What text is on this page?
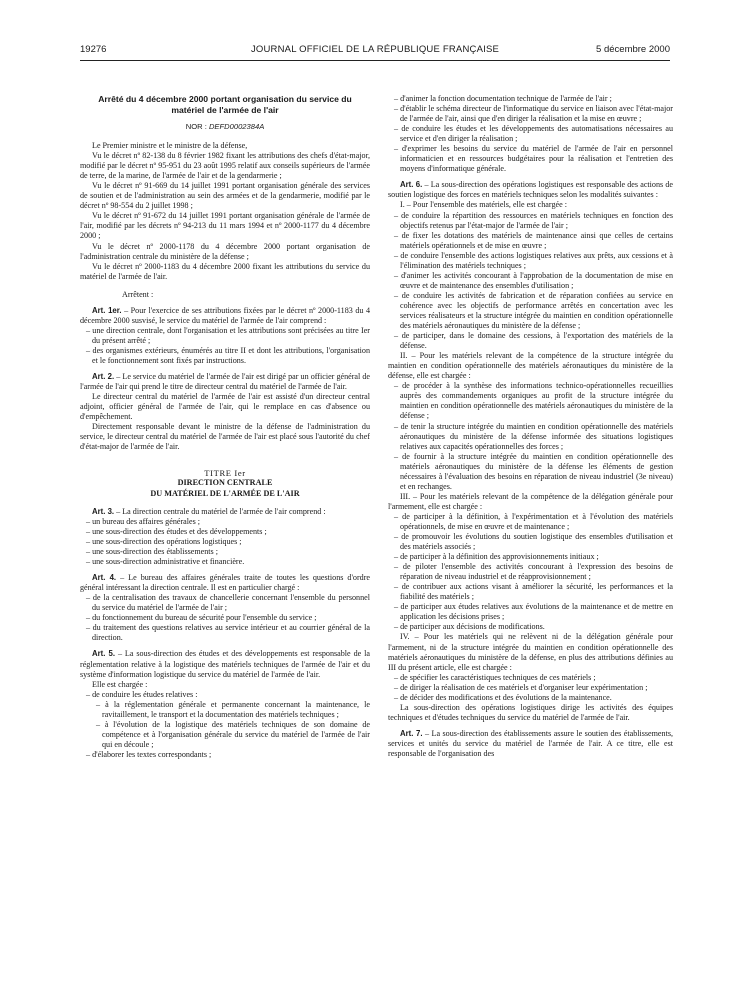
19276	JOURNAL OFFICIEL DE LA RÉPUBLIQUE FRANÇAISE	5 décembre 2000
Arrêté du 4 décembre 2000 portant organisation du service du matériel de l'armée de l'air
NOR : DEFD0002384A

Le Premier ministre et le ministre de la défense,

Vu le décret nº 82-138 du 8 février 1982 fixant les attributions des chefs d'état-major, modifié par le décret nº 95-951 du 23 août 1995 relatif aux conseils supérieurs de l'armée de terre, de la marine, de l'armée de l'air et de la gendarmerie ;

Vu le décret nº 91-669 du 14 juillet 1991 portant organisation générale des services de soutien et de l'administration au sein des armées et de la gendarmerie, modifié par le décret nº 98-554 du 2 juillet 1998 ;

Vu le décret nº 91-672 du 14 juillet 1991 portant organisation générale de l'armée de l'air, modifié par les décrets nº 94-213 du 11 mars 1994 et nº 2000-1177 du 4 décembre 2000 ;

Vu le décret nº 2000-1178 du 4 décembre 2000 portant organisation de l'administration centrale du ministère de la défense ;

Vu le décret nº 2000-1183 du 4 décembre 2000 fixant les attributions du service du matériel de l'armée de l'air.

Arrêtent :

Art. 1er. – Pour l'exercice de ses attributions fixées par le décret nº 2000-1183 du 4 décembre 2000 susvisé, le service du matériel de l'armée de l'air comprend :

– une direction centrale, dont l'organisation et les attributions sont précisées au titre Ier du présent arrêté ;

– des organismes extérieurs, énumérés au titre II et dont les attributions, l'organisation et le fonctionnement sont fixés par instructions.

Art. 2. – Le service du matériel de l'armée de l'air est dirigé par un officier général de l'armée de l'air qui prend le titre de directeur central du matériel de l'armée de l'air.

Le directeur central du matériel de l'armée de l'air est assisté d'un directeur central adjoint, officier général de l'armée de l'air, qui le remplace en cas d'absence ou d'empêchement.

Directement responsable devant le ministre de la défense de l'administration du service, le directeur central du matériel de l'armée de l'air est placé sous l'autorité du chef d'état-major de l'armée de l'air.

TITRE Ier
DIRECTION CENTRALE
DU MATÉRIEL DE L'ARMÉE DE L'AIR

Art. 3. – La direction centrale du matériel de l'armée de l'air comprend :

– un bureau des affaires générales ;

– une sous-direction des études et des développements ;

– une sous-direction des opérations logistiques ;

– une sous-direction des établissements ;

– une sous-direction administrative et financière.

Art. 4. – Le bureau des affaires générales traite de toutes les questions d'ordre général intéressant la direction centrale. Il est en particulier chargé :

– de la centralisation des travaux de chancellerie concernant l'ensemble du personnel du service du matériel de l'armée de l'air ;

– du fonctionnement du bureau de sécurité pour l'ensemble du service ;

– du traitement des questions relatives au service intérieur et au courrier général de la direction.

Art. 5. – La sous-direction des études et des développements est responsable de la réglementation relative à la logistique des matériels techniques de l'armée de l'air et du système d'information logistique du service du matériel de l'armée de l'air.

Elle est chargée :

– de conduire les études relatives :

– à la réglementation générale et permanente concernant la maintenance, le ravitaillement, le transport et la documentation des matériels techniques ;

– à l'évolution de la logistique des matériels techniques de son domaine de compétence et à l'organisation générale du service du matériel de l'armée de l'air qui en découle ;

– d'élaborer les textes correspondants ;

– d'animer la fonction documentation technique de l'armée de l'air ;

– d'établir le schéma directeur de l'informatique du service en liaison avec l'état-major de l'armée de l'air, ainsi que d'en diriger la réalisation et la mise en œuvre ;

– de conduire les études et les développements des automatisations nécessaires au service et d'en diriger la réalisation ;

– d'exprimer les besoins du service du matériel de l'armée de l'air en personnel informaticien et en ressources budgétaires pour la réalisation et l'entretien des moyens d'informatique générale.

Art. 6. – La sous-direction des opérations logistiques est responsable des actions de soutien logistique des forces en matériels techniques selon les modalités suivantes :

I. – Pour l'ensemble des matériels, elle est chargée :

– de conduire la répartition des ressources en matériels techniques en fonction des objectifs retenus par l'état-major de l'armée de l'air ;

– de fixer les dotations des matériels de maintenance ainsi que celles de certains matériels opérationnels et de mise en œuvre ;

– de conduire l'ensemble des actions logistiques relatives aux prêts, aux cessions et à l'élimination des matériels techniques ;

– d'animer les activités concourant à l'approbation de la documentation de mise en œuvre et de maintenance des ensembles d'utilisation ;

– de conduire les activités de fabrication et de réparation confiées au service en cohérence avec les objectifs de performance arrêtés en concertation avec les services réalisateurs et la structure intégrée du maintien en condition opérationnelle des matériels aéronautiques du ministère de la défense ;

– de participer, dans le domaine des cessions, à l'exportation des matériels de la défense.

II. – Pour les matériels relevant de la compétence de la structure intégrée du maintien en condition opérationnelle des matériels aéronautiques du ministère de la défense, elle est chargée :

– de procéder à la synthèse des informations technico-opérationnelles recueillies auprès des commandements organiques au profit de la structure intégrée du maintien en condition opérationnelle des matériels aéronautiques du ministère de la défense ;

– de tenir la structure intégrée du maintien en condition opérationnelle des matériels aéronautiques du ministère de la défense informée des situations logistiques relatives aux capacités opérationnelles des forces ;

– de fournir à la structure intégrée du maintien en condition opérationnelle des matériels aéronautiques du ministère de la défense les éléments de gestion nécessaires à l'évaluation des besoins en réparation de niveau industriel (3e niveau) et en rechanges.

III. – Pour les matériels relevant de la compétence de la délégation générale pour l'armement, elle est chargée :

– de participer à la définition, à l'expérimentation et à l'évolution des matériels opérationnels, de mise en œuvre et de maintenance ;

– de promouvoir les évolutions du soutien logistique des ensembles d'utilisation et des matériels associés ;

– de participer à la définition des approvisionnements initiaux ;

– de piloter l'ensemble des activités concourant à l'expression des besoins de réparation de niveau industriel et de réapprovisionnement ;

– de contribuer aux actions visant à améliorer la sécurité, les performances et la fiabilité des matériels ;

– de participer aux études relatives aux évolutions de la maintenance et de mettre en application les décisions prises ;

– de participer aux décisions de modifications.

IV. – Pour les matériels qui ne relèvent ni de la délégation générale pour l'armement, ni de la structure intégrée du maintien en condition opérationnelle des matériels aéronautiques du ministère de la défense, en plus des attributions définies au III du présent article, elle est chargée :

– de spécifier les caractéristiques techniques de ces matériels ;

– de diriger la réalisation de ces matériels et d'organiser leur expérimentation ;

– de décider des modifications et des évolutions de la maintenance.

La sous-direction des opérations logistiques dirige les activités des équipes techniques et d'études techniques du service du matériel de l'armée de l'air.

Art. 7. – La sous-direction des établissements assure le soutien des établissements, services et unités du service du matériel de l'armée de l'air. A ce titre, elle est responsable de l'organisation des
